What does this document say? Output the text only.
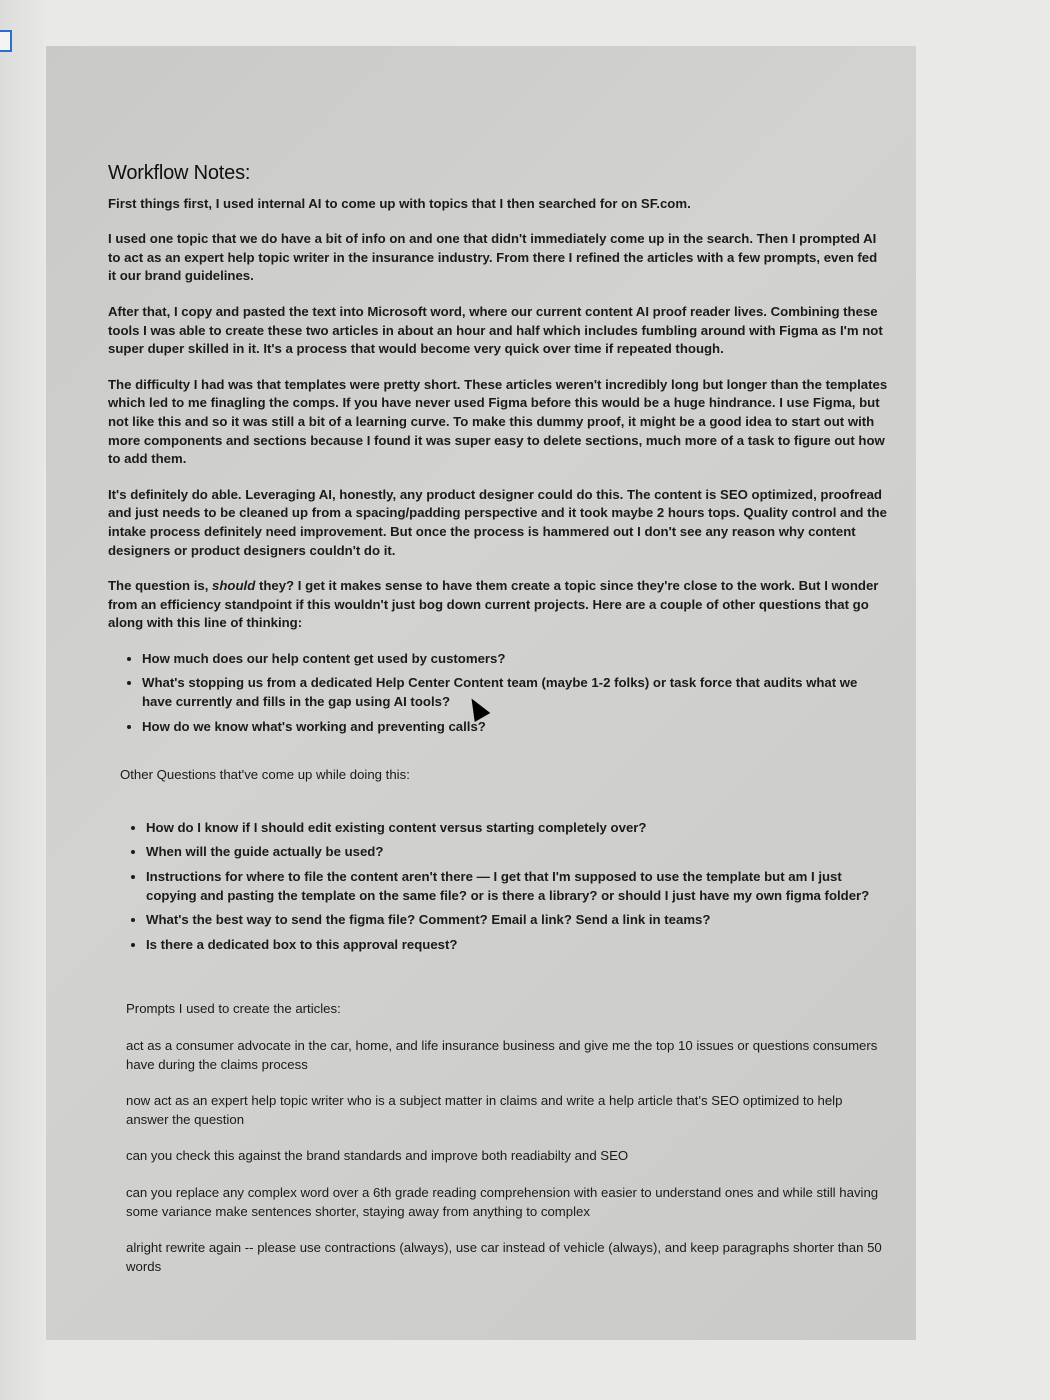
Workflow Notes:

First things first, I used internal AI to come up with topics that I then searched for on SF.com.

I used one topic that we do have a bit of info on and one that didn't immediately come up in the search. Then I prompted AI to act as an expert help topic writer in the insurance industry. From there I refined the articles with a few prompts, even fed it our brand guidelines.

After that, I copy and pasted the text into Microsoft word, where our current content AI proof reader lives. Combining these tools I was able to create these two articles in about an hour and half which includes fumbling around with Figma as I'm not super duper skilled in it. It's a process that would become very quick over time if repeated though.

The difficulty I had was that templates were pretty short. These articles weren't incredibly long but longer than the templates which led to me finagling the comps. If you have never used Figma before this would be a huge hindrance. I use Figma, but not like this and so it was still a bit of a learning curve. To make this dummy proof, it might be a good idea to start out with more components and sections because I found it was super easy to delete sections, much more of a task to figure out how to add them.

It's definitely do able. Leveraging AI, honestly, any product designer could do this. The content is SEO optimized, proofread and just needs to be cleaned up from a spacing/padding perspective and it took maybe 2 hours tops. Quality control and the intake process definitely need improvement. But once the process is hammered out I don't see any reason why content designers or product designers couldn't do it.

The question is, should they? I get it makes sense to have them create a topic since they're close to the work. But I wonder from an efficiency standpoint if this wouldn't just bog down current projects. Here are a couple of other questions that go along with this line of thinking:

• How much does our help content get used by customers?
• What's stopping us from a dedicated Help Center Content team (maybe 1-2 folks) or task force that audits what we have currently and fills in the gap using AI tools?
• How do we know what's working and preventing calls?
Other Questions that've come up while doing this:
• How do I know if I should edit existing content versus starting completely over?
• When will the guide actually be used?
• Instructions for where to file the content aren't there — I get that I'm supposed to use the template but am I just copying and pasting the template on the same file? or is there a library? or should I just have my own figma folder?
• What's the best way to send the figma file? Comment? Email a link? Send a link in teams?
• Is there a dedicated box to this approval request?
Prompts I used to create the articles:

act as a consumer advocate in the car, home, and life insurance business and give me the top 10 issues or questions consumers have during the claims process

now act as an expert help topic writer who is a subject matter in claims and write a help article that's SEO optimized to help answer the question

can you check this against the brand standards and improve both readiabilty and SEO

can you replace any complex word over a 6th grade reading comprehension with easier to understand ones and while still having some variance make sentences shorter, staying away from anything to complex

alright rewrite again -- please use contractions (always), use car instead of vehicle (always), and keep paragraphs shorter than 50 words
